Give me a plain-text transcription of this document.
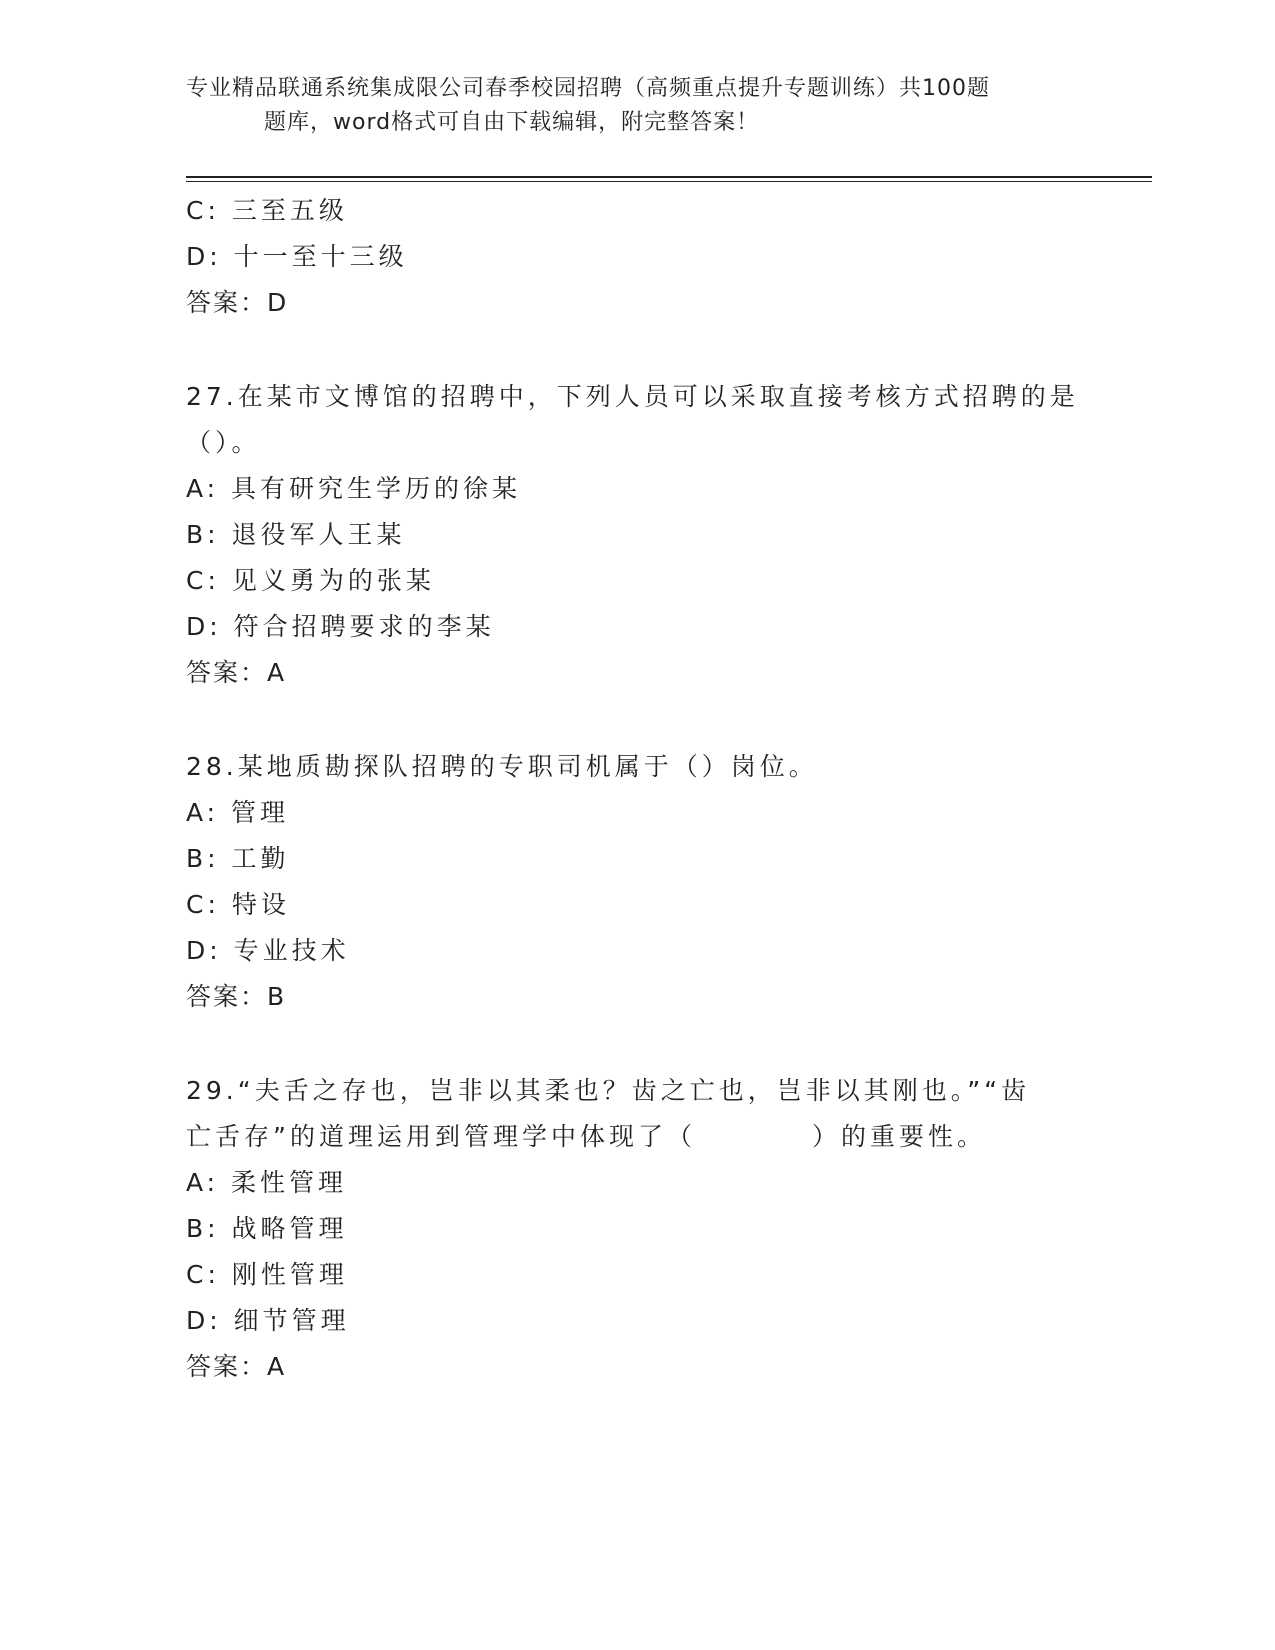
专业精品联通系统集成限公司春季校园招聘（高频重点提升专题训练）共100题
题库，word格式可自由下载编辑，附完整答案！
C: 三至五级
D: 十一至十三级
答案：D
27.在某市文博馆的招聘中，下列人员可以采取直接考核方式招聘的是
（）。
A: 具有研究生学历的徐某
B: 退役军人王某
C: 见义勇为的张某
D: 符合招聘要求的李某
答案：A
28.某地质勘探队招聘的专职司机属于（）岗位。
A: 管理
B: 工勤
C: 特设
D: 专业技术
答案：B
29.“夫舌之存也，岂非以其柔也？齿之亡也，岂非以其刚也。”“齿
亡舌存”的道理运用到管理学中体现了（　　　　）的重要性。
A: 柔性管理
B: 战略管理
C: 刚性管理
D: 细节管理
答案：A
